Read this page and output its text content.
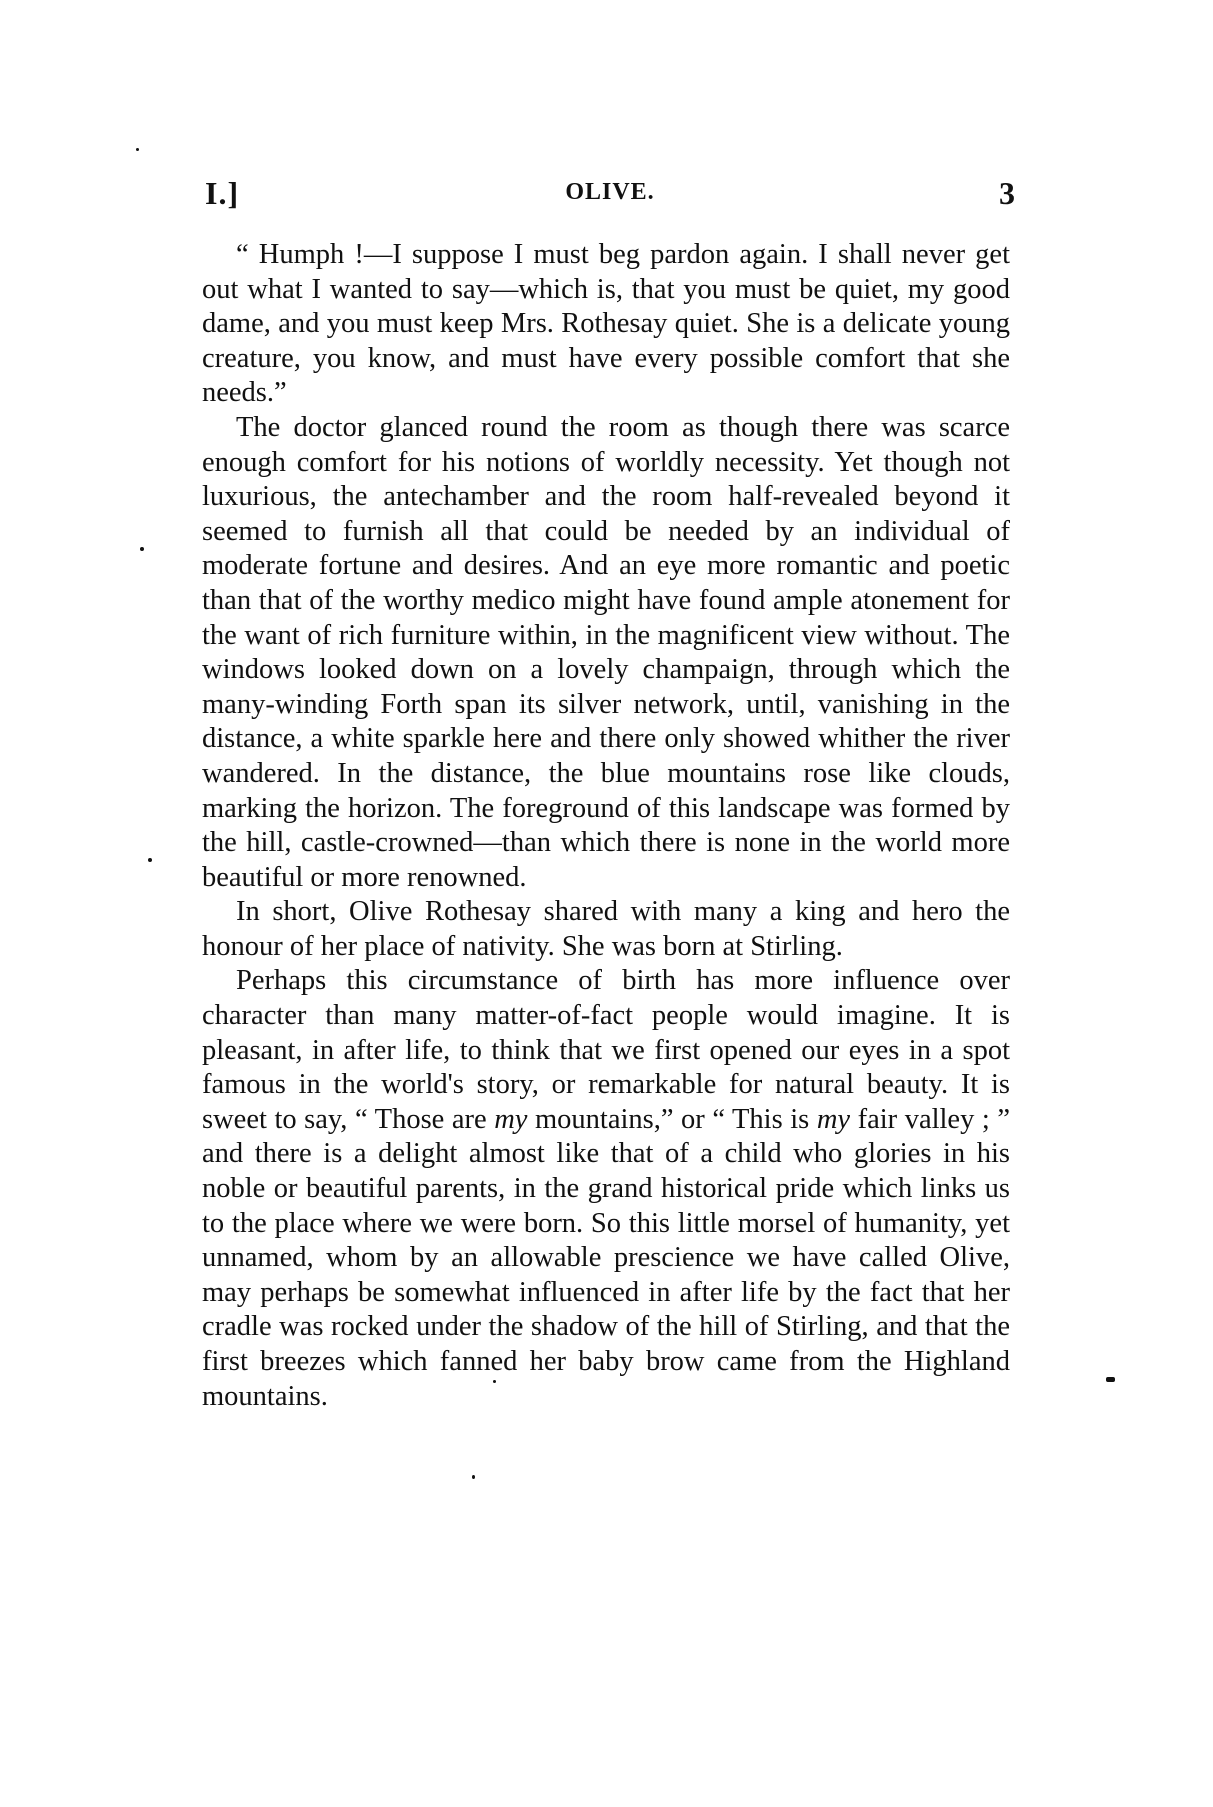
I.]	OLIVE.	3

“ Humph !—I suppose I must beg pardon again. I shall never get out what I wanted to say—which is, that you must be quiet, my good dame, and you must keep Mrs. Rothesay quiet. She is a delicate young creature, you know, and must have every possible comfort that she needs.”

The doctor glanced round the room as though there was scarce enough comfort for his notions of worldly necessity. Yet though not luxurious, the antechamber and the room half-revealed beyond it seemed to furnish all that could be needed by an individual of moderate fortune and desires. And an eye more romantic and poetic than that of the worthy medico might have found ample atonement for the want of rich furniture within, in the magnificent view without. The windows looked down on a lovely champaign, through which the many-winding Forth span its silver network, until, vanishing in the distance, a white sparkle here and there only showed whither the river wandered. In the distance, the blue mountains rose like clouds, marking the horizon. The foreground of this landscape was formed by the hill, castle-crowned—than which there is none in the world more beautiful or more renowned.

In short, Olive Rothesay shared with many a king and hero the honour of her place of nativity. She was born at Stirling.

Perhaps this circumstance of birth has more influence over character than many matter-of-fact people would imagine. It is pleasant, in after life, to think that we first opened our eyes in a spot famous in the world's story, or remarkable for natural beauty. It is sweet to say, “ Those are my mountains,” or “ This is my fair valley ; ” and there is a delight almost like that of a child who glories in his noble or beautiful parents, in the grand historical pride which links us to the place where we were born. So this little morsel of humanity, yet unnamed, whom by an allowable prescience we have called Olive, may perhaps be somewhat influenced in after life by the fact that her cradle was rocked under the shadow of the hill of Stirling, and that the first breezes which fanned her baby brow came from the Highland mountains.
